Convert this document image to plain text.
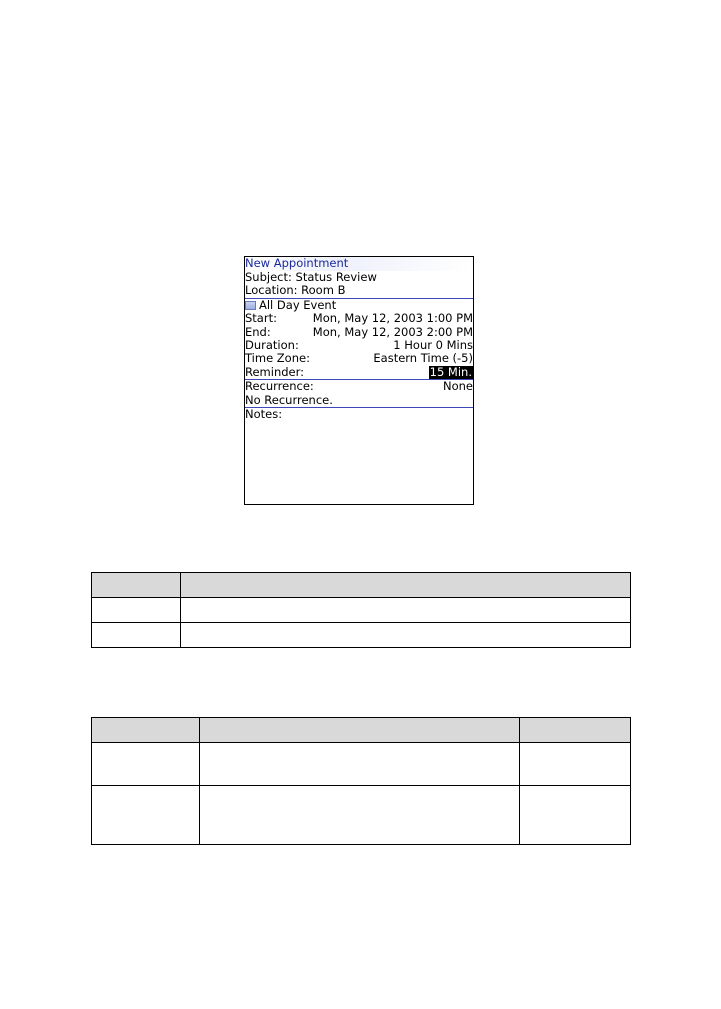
New Appointment
Subject: Status Review
Location: Room B
All Day Event
Start:	Mon, May 12, 2003 1:00 PM
End:	Mon, May 12, 2003 2:00 PM
Duration:	1 Hour 0 Mins
Time Zone:	Eastern Time (-5)
Reminder:	15 Min.
Recurrence:	None
No Recurrence.
Notes:
